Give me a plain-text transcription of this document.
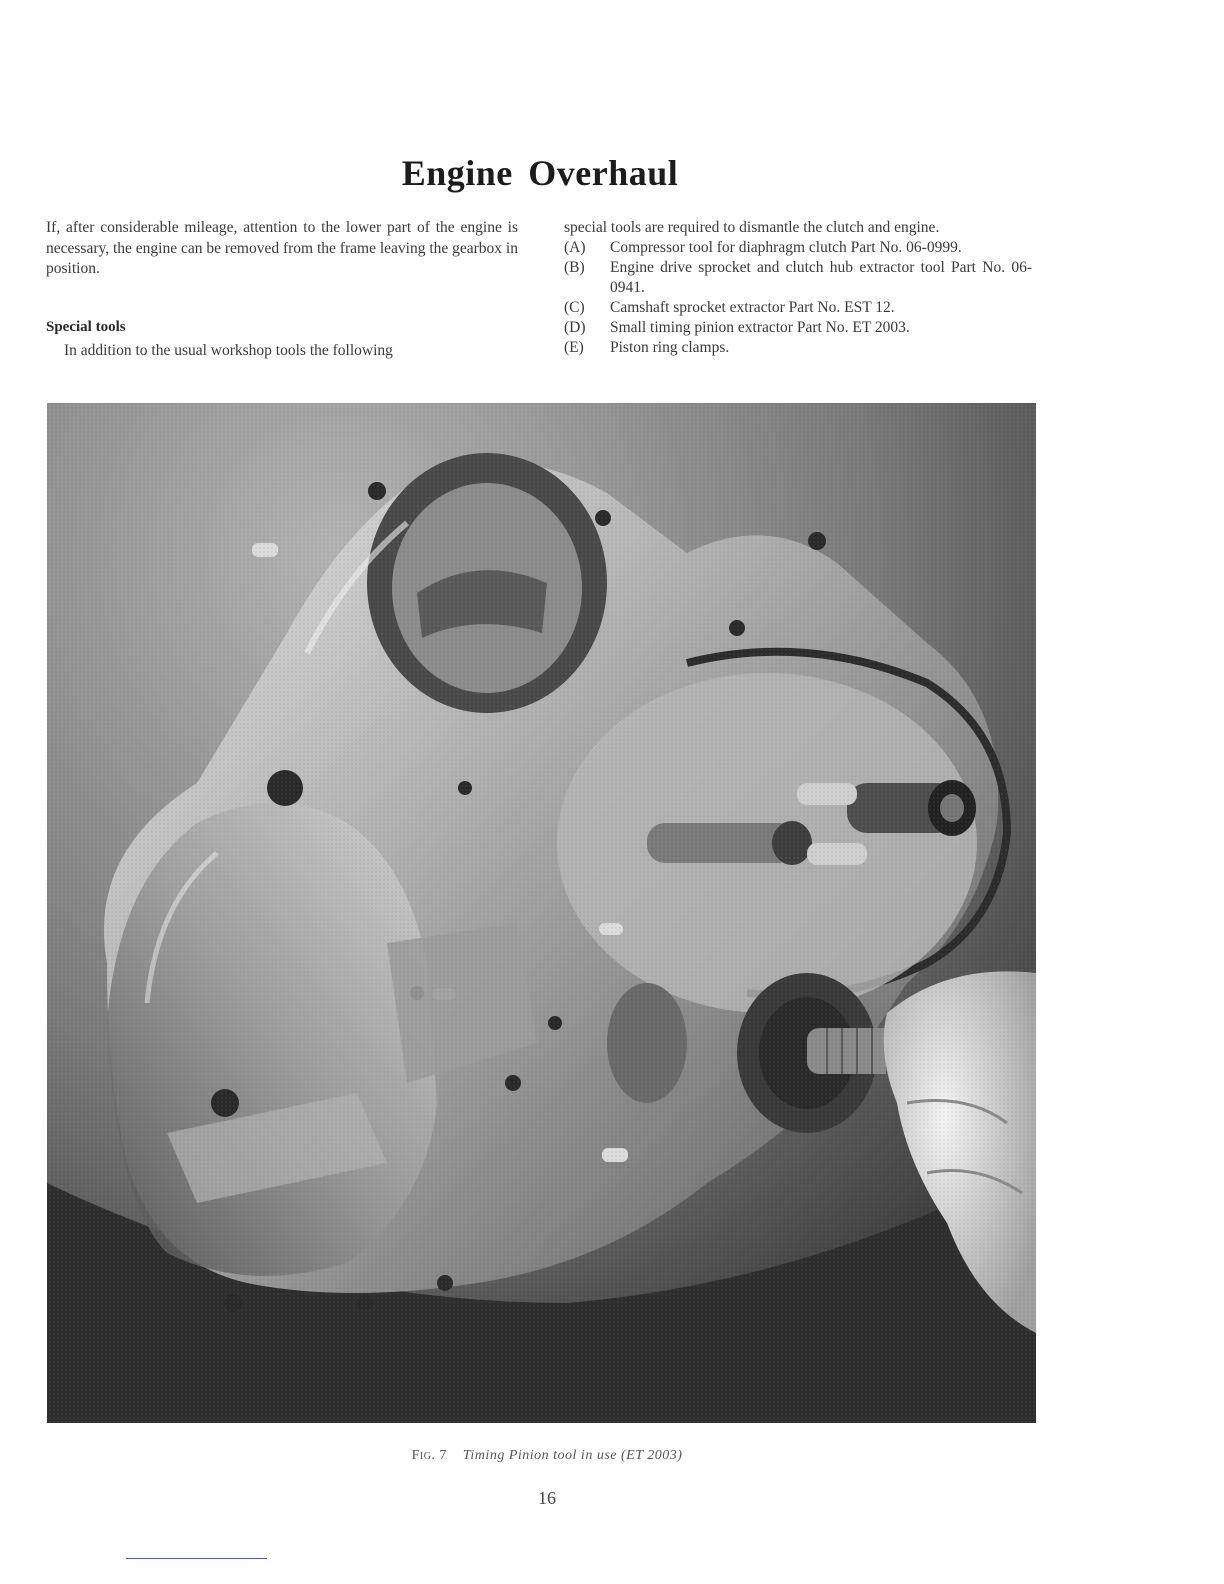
Engine Overhaul

If, after considerable mileage, attention to the lower part of the engine is necessary, the engine can be removed from the frame leaving the gearbox in position.

Special tools

In addition to the usual workshop tools the following

special tools are required to dismantle the clutch and engine.

(A)	Compressor tool for diaphragm clutch Part No. 06-0999.
(B)	Engine drive sprocket and clutch hub extractor tool Part No. 06-0941.
(C)	Camshaft sprocket extractor Part No. EST 12.
(D)	Small timing pinion extractor Part No. ET 2003.
(E)	Piston ring clamps.
Fig. 7 Timing Pinion tool in use (ET 2003)
16
